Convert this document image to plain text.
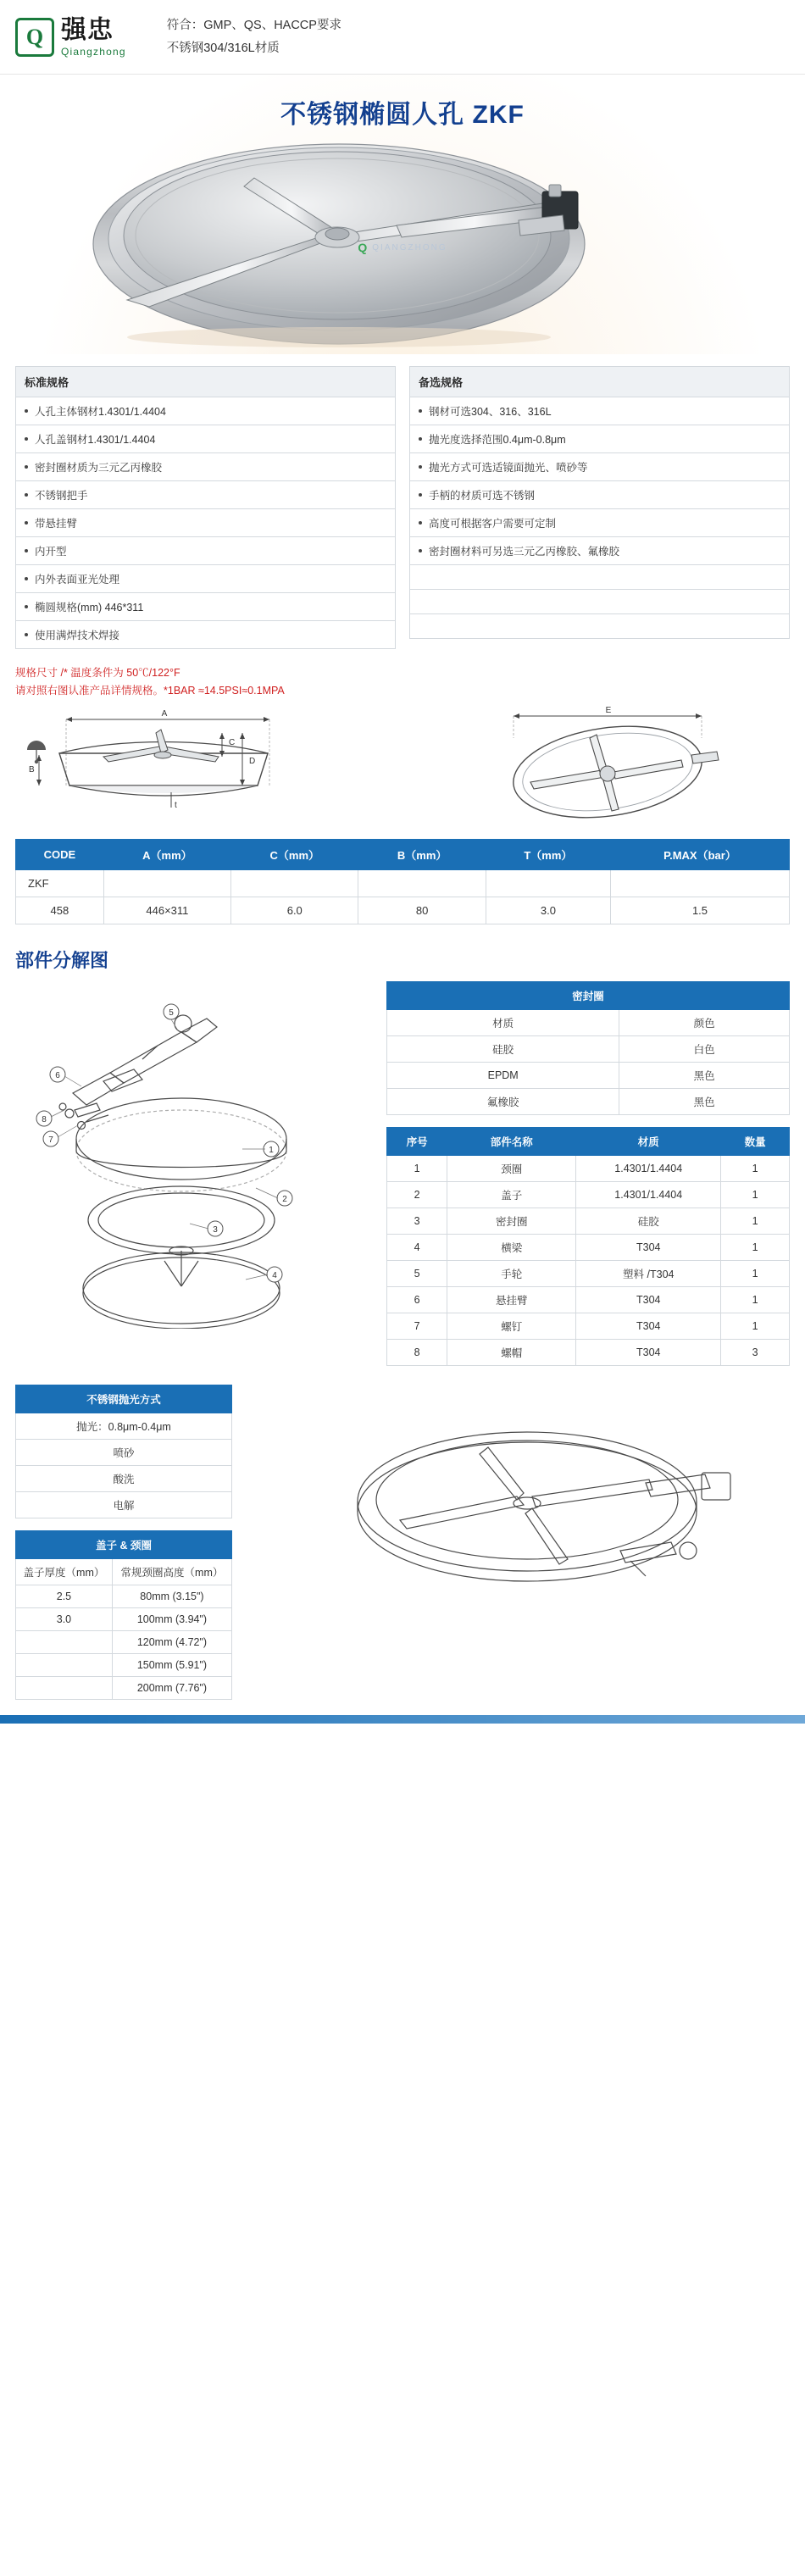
Q 强忠
Qiangzhong
符合：GMP、QS、HACCP要求
不锈钢304/316L材质
不锈钢椭圆人孔 ZKF
Q QIANGZHONG
标准规格
人孔主体钢材1.4301/1.4404
人孔盖钢材1.4301/1.4404
密封圈材质为三元乙丙橡胶
不锈钢把手
带悬挂臂
内开型
内外表面亚光处理
椭圆规格(mm) 446*311
使用满焊技术焊接
备选规格
钢材可选304、316、316L
抛光度选择范围0.4μm-0.8μm
抛光方式可选适镜面抛光、喷砂等
手柄的材质可选不锈钢
高度可根据客户需要可定制
密封圈材料可另选三元乙丙橡胶、氟橡胶

规格尺寸 /* 温度条件为 50℃/122°F
请对照右图认准产品详情规格。*1BAR ≈14.5PSI≈0.1MPA
A
C
D
B
t
E
CODE	A（mm）	C（mm）	B（mm）	T（mm）	P.MAX（bar）
ZKF					
458	446×311	6.0	80	3.0	1.5
部件分解图
1
2
3
4
5
6
7
8
密封圈	
材质	颜色
硅胶	白色
EPDM	黑色
氟橡胶	黑色
序号	部件名称	材质	数量
1	颈圈	1.4301/1.4404	1
2	盖子	1.4301/1.4404	1
3	密封圈	硅胶	1
4	横梁	T304	1
5	手轮	塑料 /T304	1
6	悬挂臂	T304	1
7	螺钉	T304	1
8	螺帽	T304	3
不锈钢抛光方式
抛光：0.8μm-0.4μm
喷砂
酸洗
电解
盖子 & 颈圈	
盖子厚度（mm）	常规颈圈高度（mm）
2.5	80mm (3.15")
3.0	100mm (3.94")
	120mm (4.72")
	150mm (5.91")
	200mm (7.76")
